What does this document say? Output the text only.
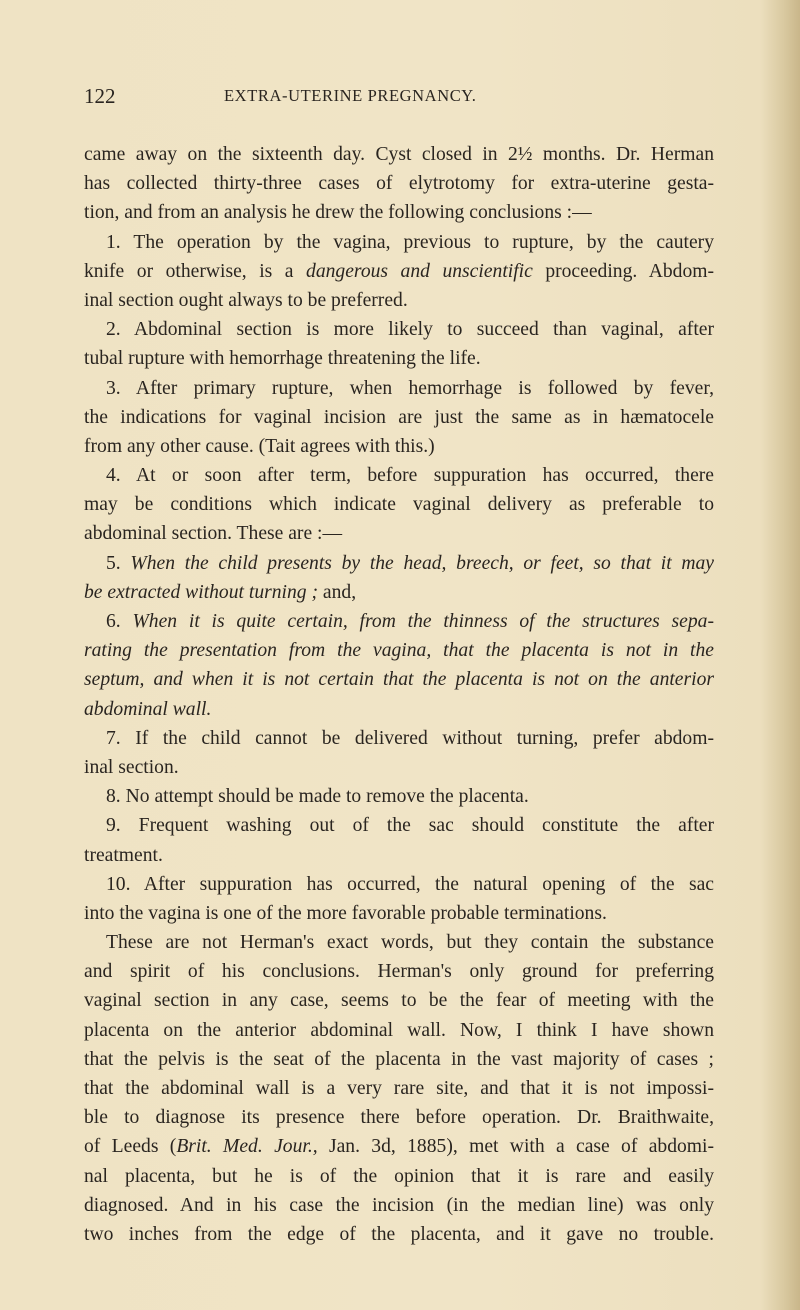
122	EXTRA-UTERINE PREGNANCY.
came away on the sixteenth day. Cyst closed in 2½ months. Dr. Herman
has collected thirty-three cases of elytrotomy for extra-uterine gesta-
tion, and from an analysis he drew the following conclusions :—
1. The operation by the vagina, previous to rupture, by the cautery
knife or otherwise, is a dangerous and unscientific proceeding. Abdom-
inal section ought always to be preferred.
2. Abdominal section is more likely to succeed than vaginal, after
tubal rupture with hemorrhage threatening the life.
3. After primary rupture, when hemorrhage is followed by fever,
the indications for vaginal incision are just the same as in hæmatocele
from any other cause. (Tait agrees with this.)
4. At or soon after term, before suppuration has occurred, there
may be conditions which indicate vaginal delivery as preferable to
abdominal section. These are :—
5. When the child presents by the head, breech, or feet, so that it may
be extracted without turning ; and,
6. When it is quite certain, from the thinness of the structures sepa-
rating the presentation from the vagina, that the placenta is not in the
septum, and when it is not certain that the placenta is not on the anterior
abdominal wall.
7. If the child cannot be delivered without turning, prefer abdom-
inal section.
8. No attempt should be made to remove the placenta.
9. Frequent washing out of the sac should constitute the after
treatment.
10. After suppuration has occurred, the natural opening of the sac
into the vagina is one of the more favorable probable terminations.
These are not Herman's exact words, but they contain the substance
and spirit of his conclusions. Herman's only ground for preferring
vaginal section in any case, seems to be the fear of meeting with the
placenta on the anterior abdominal wall. Now, I think I have shown
that the pelvis is the seat of the placenta in the vast majority of cases ;
that the abdominal wall is a very rare site, and that it is not impossi-
ble to diagnose its presence there before operation. Dr. Braithwaite,
of Leeds (Brit. Med. Jour., Jan. 3d, 1885), met with a case of abdomi-
nal placenta, but he is of the opinion that it is rare and easily
diagnosed. And in his case the incision (in the median line) was only
two inches from the edge of the placenta, and it gave no trouble.
